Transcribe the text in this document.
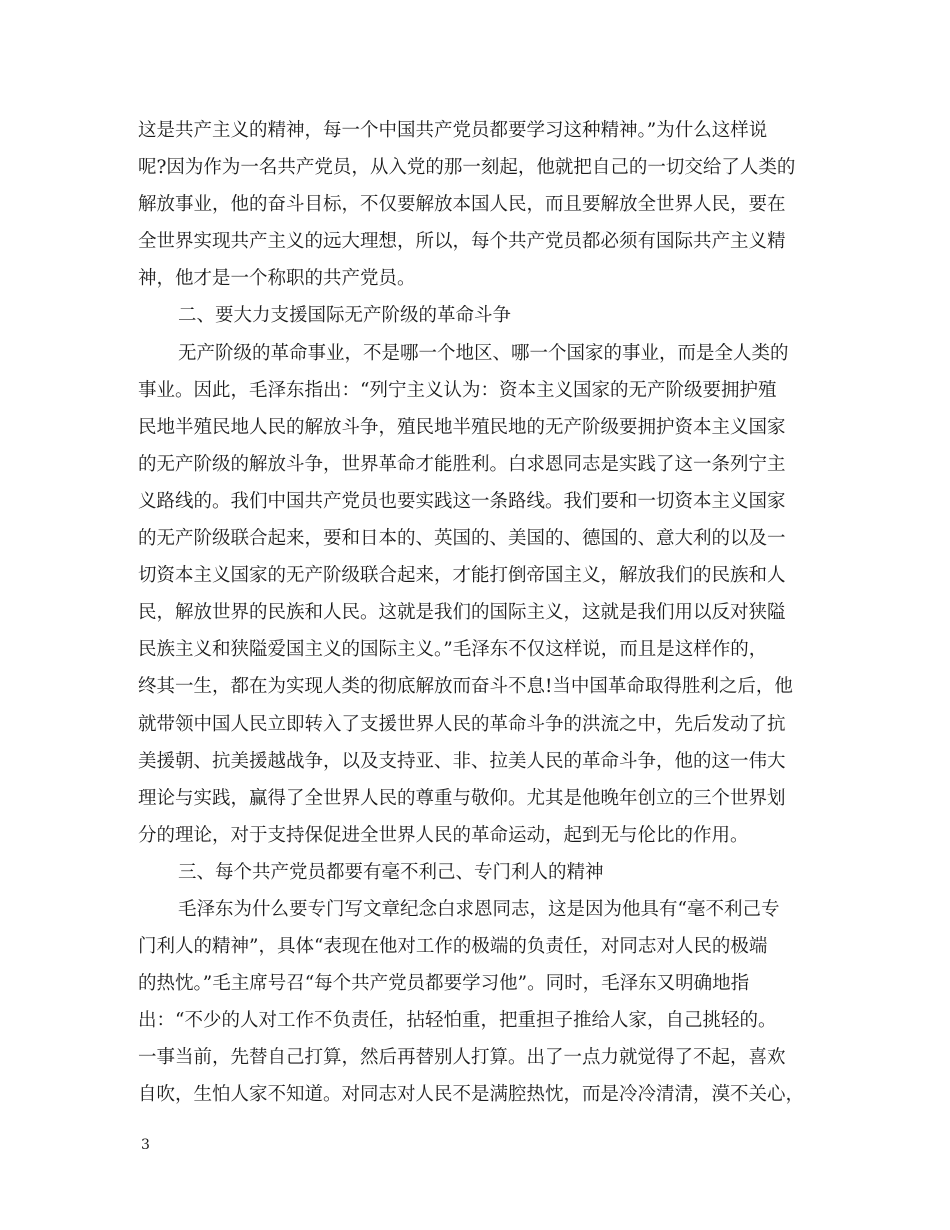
这是共产主义的精神，每一个中国共产党员都要学习这种精神。”为什么这样说
呢?因为作为一名共产党员，从入党的那一刻起，他就把自己的一切交给了人类的
解放事业，他的奋斗目标，不仅要解放本国人民，而且要解放全世界人民，要在
全世界实现共产主义的远大理想，所以，每个共产党员都必须有国际共产主义精
神，他才是一个称职的共产党员。
二、要大力支援国际无产阶级的革命斗争
无产阶级的革命事业，不是哪一个地区、哪一个国家的事业，而是全人类的
事业。因此，毛泽东指出：“列宁主义认为：资本主义国家的无产阶级要拥护殖
民地半殖民地人民的解放斗争，殖民地半殖民地的无产阶级要拥护资本主义国家
的无产阶级的解放斗争，世界革命才能胜利。白求恩同志是实践了这一条列宁主
义路线的。我们中国共产党员也要实践这一条路线。我们要和一切资本主义国家
的无产阶级联合起来，要和日本的、英国的、美国的、德国的、意大利的以及一
切资本主义国家的无产阶级联合起来，才能打倒帝国主义，解放我们的民族和人
民，解放世界的民族和人民。这就是我们的国际主义，这就是我们用以反对狭隘
民族主义和狭隘爱国主义的国际主义。”毛泽东不仅这样说，而且是这样作的，
终其一生，都在为实现人类的彻底解放而奋斗不息!当中国革命取得胜利之后，他
就带领中国人民立即转入了支援世界人民的革命斗争的洪流之中，先后发动了抗
美援朝、抗美援越战争，以及支持亚、非、拉美人民的革命斗争，他的这一伟大
理论与实践，赢得了全世界人民的尊重与敬仰。尤其是他晚年创立的三个世界划
分的理论，对于支持保促进全世界人民的革命运动，起到无与伦比的作用。
三、每个共产党员都要有毫不利己、专门利人的精神
毛泽东为什么要专门写文章纪念白求恩同志，这是因为他具有“毫不利己专
门利人的精神”，具体“表现在他对工作的极端的负责任，对同志对人民的极端
的热忱。”毛主席号召“每个共产党员都要学习他”。同时，毛泽东又明确地指
出：“不少的人对工作不负责任，拈轻怕重，把重担子推给人家，自己挑轻的。
一事当前，先替自己打算，然后再替别人打算。出了一点力就觉得了不起，喜欢
自吹，生怕人家不知道。对同志对人民不是满腔热忱，而是冷冷清清，漠不关心，
3
